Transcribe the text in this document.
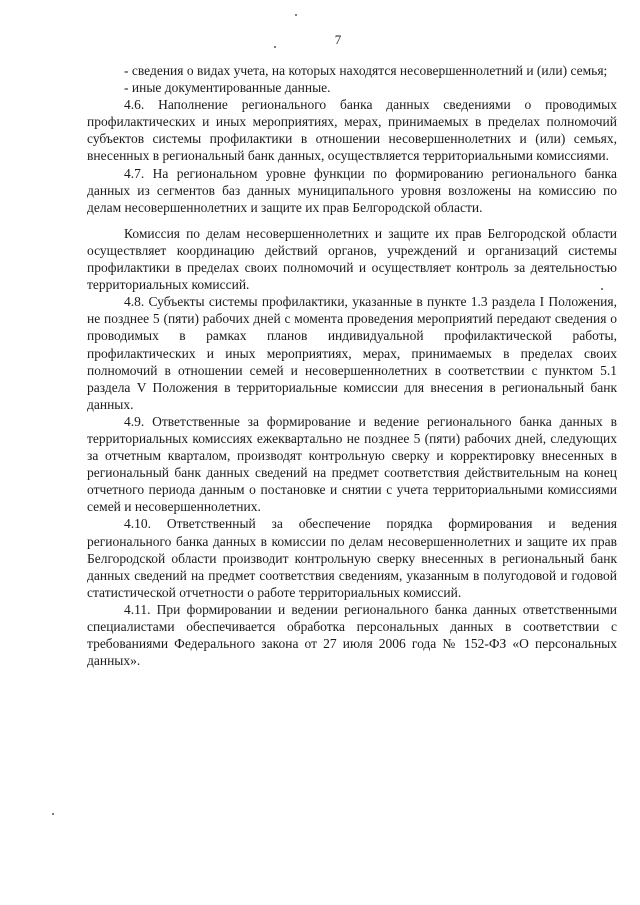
7

- сведения о видах учета, на которых находятся несовершеннолетний и (или) семья;

- иные документированные данные.

4.6. Наполнение регионального банка данных сведениями о проводимых профилактических и иных мероприятиях, мерах, принимаемых в пределах полномочий субъектов системы профилактики в отношении несовершеннолетних и (или) семьях, внесенных в региональный банк данных, осуществляется территориальными комиссиями.

4.7. На региональном уровне функции по формированию регионального банка данных из сегментов баз данных муниципального уровня возложены на комиссию по делам несовершеннолетних и защите их прав Белгородской области.

Комиссия по делам несовершеннолетних и защите их прав Белгородской области осуществляет координацию действий органов, учреждений и организаций системы профилактики в пределах своих полномочий и осуществляет контроль за деятельностью территориальных комиссий.

4.8. Субъекты системы профилактики, указанные в пункте 1.3 раздела I Положения, не позднее 5 (пяти) рабочих дней с момента проведения мероприятий передают сведения о проводимых в рамках планов индивидуальной профилактической работы, профилактических и иных мероприятиях, мерах, принимаемых в пределах своих полномочий в отношении семей и несовершеннолетних в соответствии с пунктом 5.1 раздела V Положения в территориальные комиссии для внесения в региональный банк данных.

4.9. Ответственные за формирование и ведение регионального банка данных в территориальных комиссиях ежеквартально не позднее 5 (пяти) рабочих дней, следующих за отчетным кварталом, производят контрольную сверку и корректировку внесенных в региональный банк данных сведений на предмет соответствия действительным на конец отчетного периода данным о постановке и снятии с учета территориальными комиссиями семей и несовершеннолетних.

4.10. Ответственный за обеспечение порядка формирования и ведения регионального банка данных в комиссии по делам несовершеннолетних и защите их прав Белгородской области производит контрольную сверку внесенных в региональный банк данных сведений на предмет соответствия сведениям, указанным в полугодовой и годовой статистической отчетности о работе территориальных комиссий.

4.11. При формировании и ведении регионального банка данных ответственными специалистами обеспечивается обработка персональных данных в соответствии с требованиями Федерального закона от 27 июля 2006 года № 152-ФЗ «О персональных данных».
